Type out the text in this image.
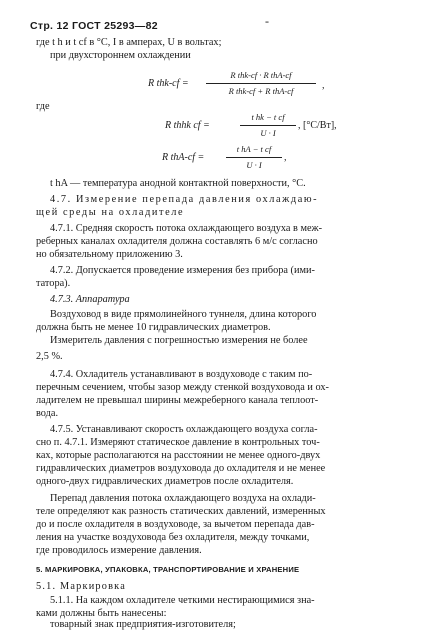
Стр. 12 ГОСТ 25293—82	-
где t h и t cf в °С, I в амперах, U в вольтах;
при двухстороннем охлаждении
R thk-cf =
R thk-cf · R thA-cf
R thk-cf + R thA-cf	,
где
R thhk cf =
t hk − t cf
U · I
, [°С/Вт],
R thA-cf =
t hA − t cf
U · I
,
t hA — температура анодной контактной поверхности, °С.
4.7. Измерение перепада давления охлаждаю-
щей среды на охладителе
4.7.1. Средняя скорость потока охлаждающего воздуха в меж-
реберных каналах охладителя должна составлять 6 м/с согласно
но обязательному приложению 3.
4.7.2. Допускается проведение измерения без прибора (ими-
татора).
4.7.3. Аппаратура
Воздуховод в виде прямолинейного туннеля, длина которого
должна быть не менее 10 гидравлических диаметров.
Измеритель давления с погрешностью измерения не более
2,5 %.
4.7.4. Охладитель устанавливают в воздуховоде с таким по-
перечным сечением, чтобы зазор между стенкой воздуховода и ох-
ладителем не превышал ширины межреберного канала теплоот-
вода.
4.7.5. Устанавливают скорость охлаждающего воздуха согла-
сно п. 4.7.1. Измеряют статическое давление в контрольных точ-
ках, которые располагаются на расстоянии не менее одного-двух
гидравлических диаметров воздуховода до охладителя и не менее
одного-двух гидравлических диаметров после охладителя.
Перепад давления потока охлаждающего воздуха на охлади-
теле определяют как разность статических давлений, измеренных
до и после охладителя в воздуховоде, за вычетом перепада дав-
ления на участке воздуховода без охладителя, между точками,
где проводилось измерение давления.
5. МАРКИРОВКА, УПАКОВКА, ТРАНСПОРТИРОВАНИЕ И ХРАНЕНИЕ
5.1. Маркировка
5.1.1. На каждом охладителе четкими нестирающимися зна-
ками должны быть нанесены:
товарный знак предприятия-изготовителя;
